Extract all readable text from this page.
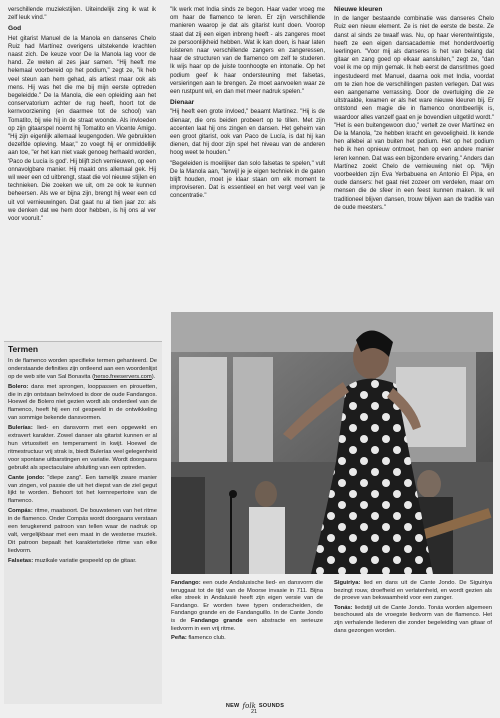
verschillende muziekstijlen. Uiteindelijk zing ik wat ik zelf leuk vind."

God

Het gitarist Manuel de la Manola en danseres Chelo Ruiz had Martínez overigens uitstekende krachten naast zich. De keuze voor De la Manola lag voor de hand. Ze weten al zes jaar samen. "Hij heeft me helemaal voorbereid op het podium," zegt ze, "ik heb veel steun aan hem gehad, als artiest maar ook als mens. Hij was het die me bij mijn eerste optreden begeleidde." De la Manola, die een opleiding aan het conservatorium achter de rug heeft, hoort tot de kernvoorziening (en daarmee tot de school) van Tomatito, bij wie hij in de straat woonde. Als invloeden op zijn gitaarspel noemt hij Tomatito en Vicente Amigo. "Hij zijn eigenlijk allemaal leugengoden. We gebruikten dezelfde opleving. Maar," zo voegt hij er onmiddellijk aan toe, "er het kan niet vaak genoeg herhaald worden, 'Paco de Lucía is god'. Hij blijft zich vernieuwen, op een onnavolgbare manier. Hij maakt ons allemaal gek. Hij wil weer een cd uitbrengt, staat die vol nieuwe stijlen en technieken. Die zoeken we uit, om ze ook te kunnen beheersen. Als we er bijna zijn, brengt hij weer een cd uit vol vernieuwingen. Dat gaat nu al tien jaar zo: als we denken dat we hem door hebben, is hij ons al ver voor vooruit."

"Ik werk met India sinds ze begon. Haar vader vroeg me om haar de flamenco te leren. Er zijn verschillende manieren waarop je dat als gitarist kunt doen. Voorop staat dat zij een eigen inbreng heeft - als zangeres moet ze persoonlijkheid hebben. Wat ik kan doen, is haar laten luisteren naar verschillende zangers en zangeressen, haar de structuren van de flamenco om zelf te studeren. Ik wijs haar op de juiste toonhoogte en intonatie. Op het podium geef ik haar ondersteuning met falsetas, versieringen aan te brengen. Ze moet aanvoelen waar ze een rustpunt wil, en dan met meer nadruk spelen."

Dienaar

"Hij heeft een grote invloed," beaamt Martínez. "Hij is de dienaar, die ons beiden probeert op te tillen. Met zijn accenten laat hij ons zingen en dansen. Het geheim van een groot gitarist, ook van Paco de Lucía, is dat hij kan dienen, dat hij door zijn spel het niveau van de anderen hoog weet te houden."

"Begeleiden is moeilijker dan solo falsetas te spelen," vult De la Manola aan, "terwijl je je eigen techniek in de gaten blijft houden, moet je klaar staan om elk moment te improviseren. Dat is essentieel en het vergt veel van je concentratie."

Nieuwe kleuren

In de langer bestaande combinatie was danseres Chelo Ruiz een nieuw element. Ze is niet de eerste de beste. Ze danst al sinds ze twaalf was. Nu, op haar vierentwintigste, heeft ze een eigen dansacademie met honderdvoertig leerlingen. "Voor mij als danseres is het van belang dat gitaar en zang goed op elkaar aansluiten," zegt ze, "dan voel ik me op mijn gemak. Ik heb eerst de dansritmes goed ingestudeerd met Manuel, daarna ook met India, voordat om te zien hoe de verschillingen pasten verlegen. Dat was een aangename verrassing. Door de overtuiging die ze uitstraalde, kwamen er als het ware nieuwe kleuren bij. Er ontstond een magie die in flamenco onontbeerlijk is, waardoor alles vanzelf gaat en je bovendien uitgetild wordt." "Het is een buitengewoon duo," vertelt ze over Martínez en De la Manola, "ze hebben kracht en gevoeligheid. Ik kende hen allebei al van buiten het podium. Het op het podium heb ik hen opnieuw ontmoet, hen op een andere manier leren kennen. Dat was een bijzondere ervaring." Anders dan Martínez zoekt Chelo de vernieuwing niet op. "Mijn voorbeelden zijn Eva Yerbabuena en Antonio El Pipa, en oude dansers: het gaat niet zozeer om verdelen, maar om mensen die de sfeer in een feest kunnen maken. Ik wil traditioneel blijven dansen, trouw blijven aan de traditie van de oude meesters."

Termen

In de flamenco worden specifieke termen gehanteerd. De onderstaande definities zijn ontleend aan een woordenlijst op de web site van Sal Bonavita (herso.freeservers.com).

Bolero: dans met sprongen, looppassen en pirouetten, die in zijn ontstaan beïnvloed is door de oude Fandangos. Hoewel de Bolero niet gezien wordt als onderdeel van de flamenco, heeft hij een rol gespeeld in de ontwikkeling van sommige bekende dansvormen.

Bulerías: lied- en dansvorm met een opgewekt en extravert karakter. Zowel danser als gitarist kunnen er al hun virtuositeit en temperament in kwijt. Hoewel de ritmestructuur vrij strak is, biedt Bulerías veel gelegenheid voor spontane uitbarstingen en variatie. Wordt doorgaans gebruikt als spectaculaire afsluiting van een optreden.

Cante jondo: "diepe zang". Een tamelijk zware manier van zingen, vol passie die uit het diepst van de ziel gegut lijkt te worden. Behoort tot het kernrepertoire van de flamenco.

Compás: ritme, maatsoort. De bouwstenen van het ritme in de flamenco. Onder Compás wordt doorgaans verstaan een terugkerend patroon van tellen waar de nadruk op valt, vergelijkbaar met een maat in de westerse muziek. Dit patroon bepaalt het karakteristieke ritme van elke liedvorm.

Falsetas: muzikale variatie gespeeld op de gitaar.

Fandango: een oude Andalusische lied- en dansvorm die teruggaat tot de tijd van de Moorse invasie in 711. Bijna elke streek in Andalusië heeft zijn eigen versie van de Fandango. Er worden twee typen onderscheiden, de Fandango grande en de Fandanguillo. In de Cante Jondo is de Fandango grande een abstracte en serieuze liedvorm in een vrij ritme.

Peña: flamenco club.

Siguiriya: lied en dans uit de Cante Jondo. De Siguiriya bezingt rouw, droefheid en verlatenheid, en wordt gezien als de proeve van bekwaamheid voor een zanger.

Tonás: liedstijl uit de Cante Jondo. Tonás worden algemeen beschouwd als de vroegste liedvorm van de flamenco. Het zijn verhalende liederen die zonder begeleiding van gitaar of dans gezongen worden.

NEW folk SOUNDS
21
